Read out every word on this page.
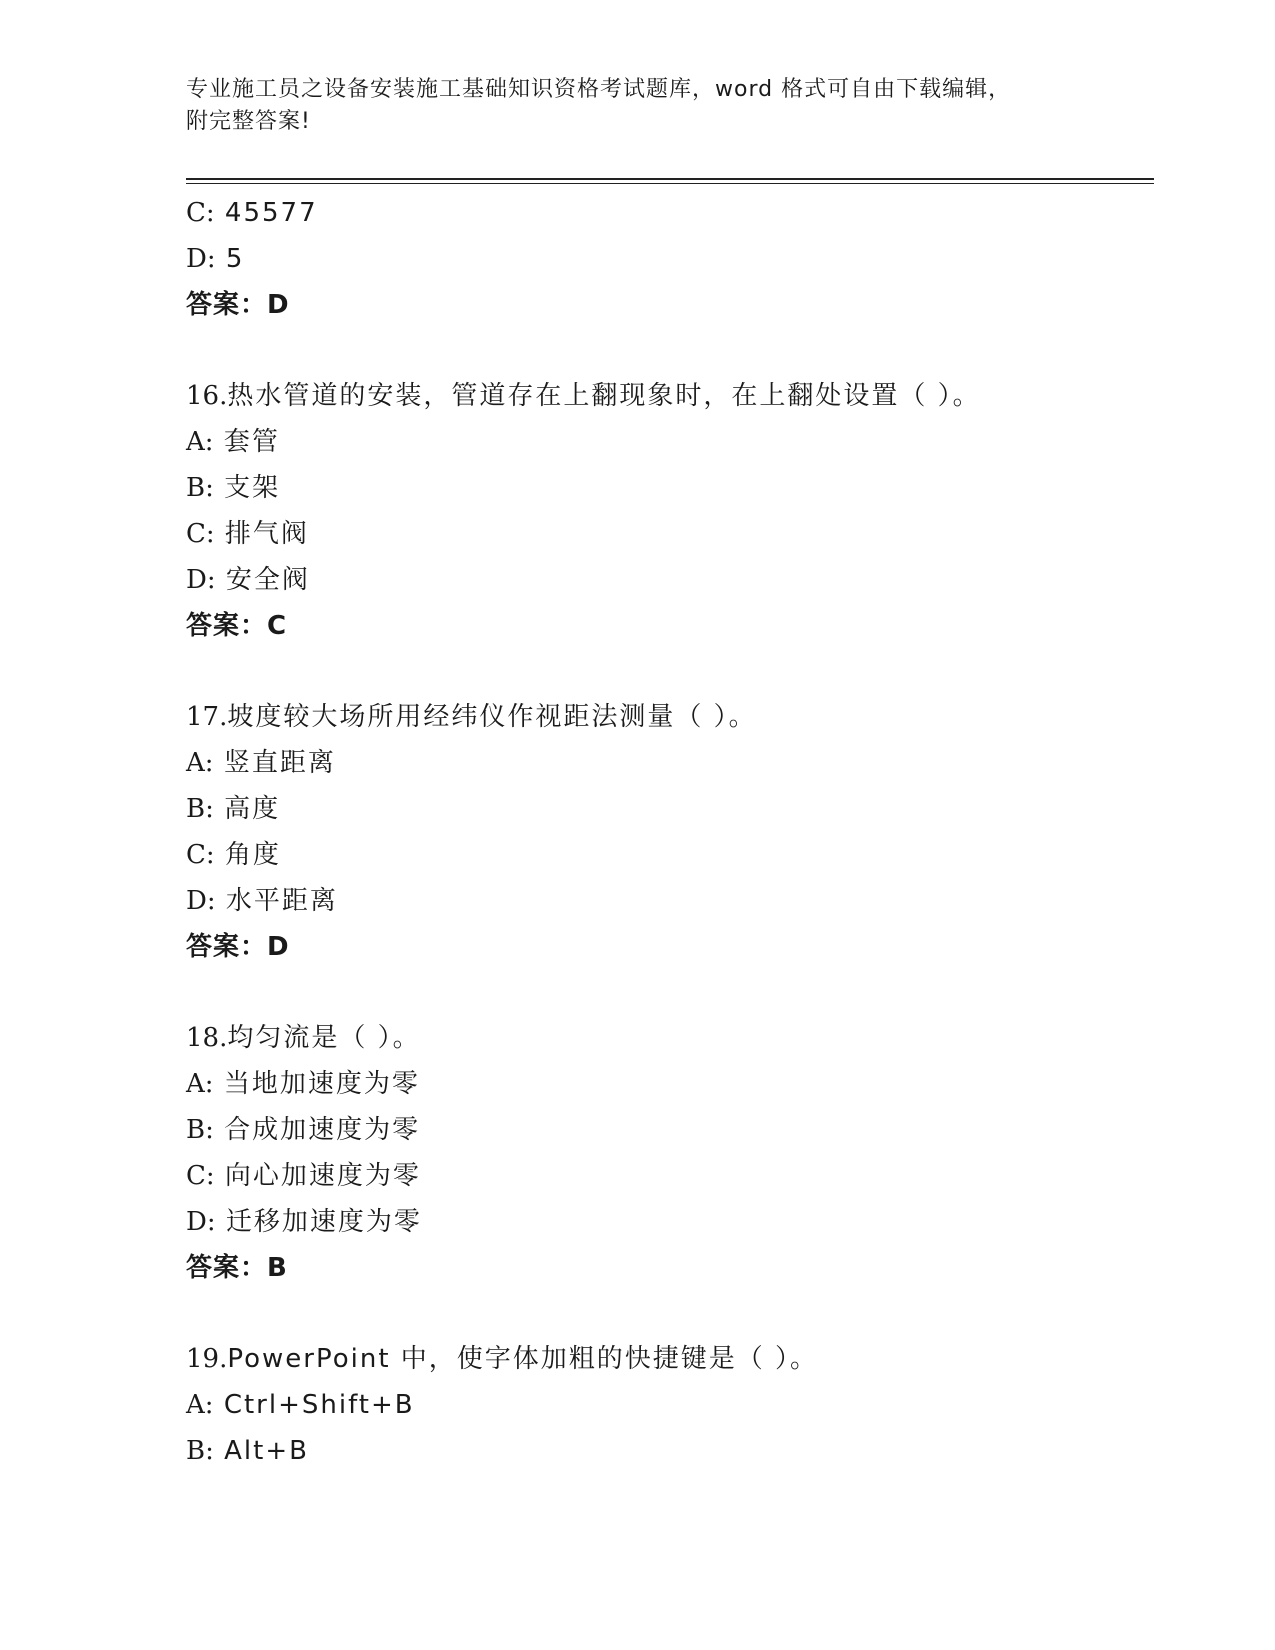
专业施工员之设备安装施工基础知识资格考试题库，word 格式可自由下载编辑，
附完整答案!
C: 45577
D: 5
答案：D
16.热水管道的安装，管道存在上翻现象时，在上翻处设置（ ）。
A: 套管
B: 支架
C: 排气阀
D: 安全阀
答案：C
17.坡度较大场所用经纬仪作视距法测量（ ）。
A: 竖直距离
B: 高度
C: 角度
D: 水平距离
答案：D
18.均匀流是（ ）。
A: 当地加速度为零
B: 合成加速度为零
C: 向心加速度为零
D: 迁移加速度为零
答案：B
19.PowerPoint 中，使字体加粗的快捷键是（ ）。
A: Ctrl+Shift+B
B: Alt+B
